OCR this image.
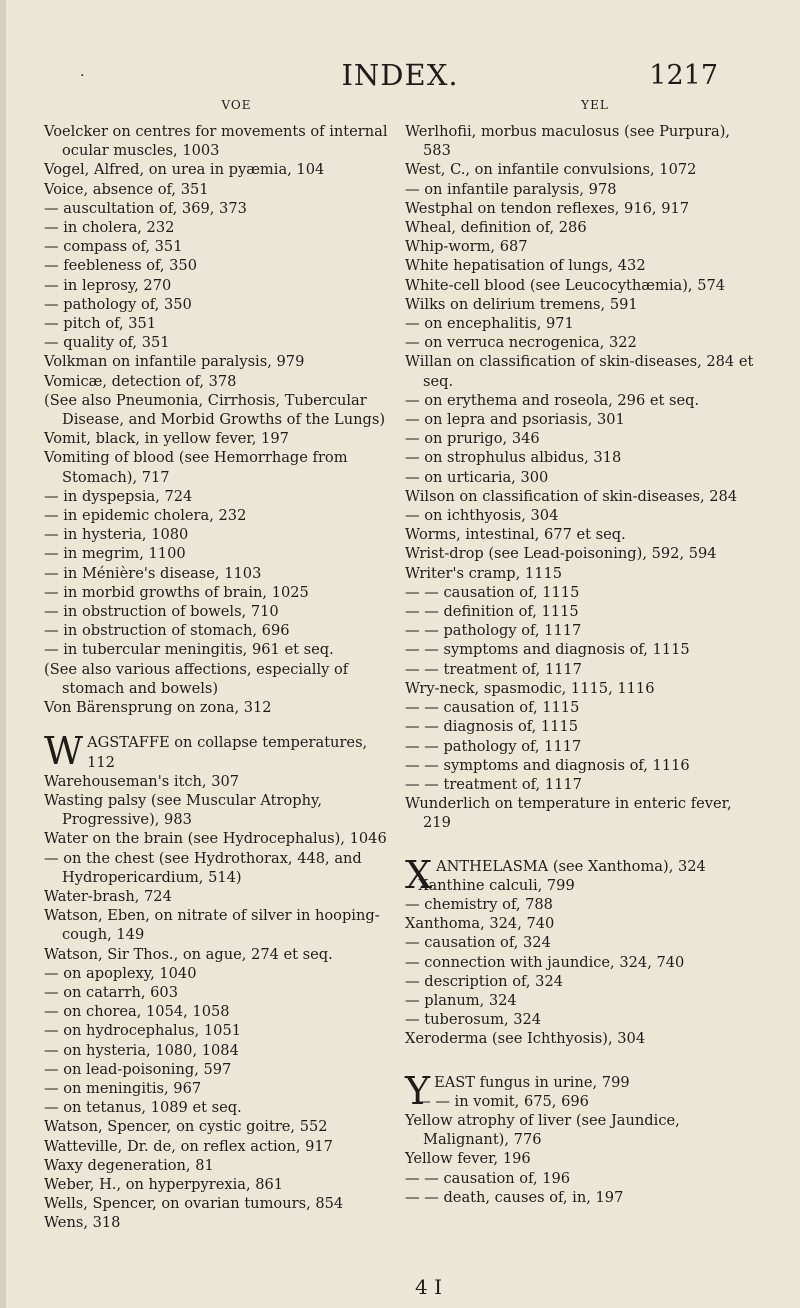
·	INDEX.	1217
VOE
Voelcker on centres for movements of internal ocular muscles, 1003
Vogel, Alfred, on urea in pyæmia, 104
Voice, absence of, 351
— auscultation of, 369, 373
— in cholera, 232
— compass of, 351
— feebleness of, 350
— in leprosy, 270
— pathology of, 350
— pitch of, 351
— quality of, 351
Volkman on infantile paralysis, 979
Vomicæ, detection of, 378
(See also Pneumonia, Cirrhosis, Tubercular Disease, and Morbid Growths of the Lungs)
Vomit, black, in yellow fever, 197
Vomiting of blood (see Hemorrhage from Stomach), 717
— in dyspepsia, 724
— in epidemic cholera, 232
— in hysteria, 1080
— in megrim, 1100
— in Ménière's disease, 1103
— in morbid growths of brain, 1025
— in obstruction of bowels, 710
— in obstruction of stomach, 696
— in tubercular meningitis, 961 et seq.
(See also various affections, especially of stomach and bowels)
Von Bärensprung on zona, 312
WAGSTAFFE on collapse temperatures, 112
Warehouseman's itch, 307
Wasting palsy (see Muscular Atrophy, Progressive), 983
Water on the brain (see Hydrocephalus), 1046
— on the chest (see Hydrothorax, 448, and Hydropericardium, 514)
Water-brash, 724
Watson, Eben, on nitrate of silver in hooping-cough, 149
Watson, Sir Thos., on ague, 274 et seq.
— on apoplexy, 1040
— on catarrh, 603
— on chorea, 1054, 1058
— on hydrocephalus, 1051
— on hysteria, 1080, 1084
— on lead-poisoning, 597
— on meningitis, 967
— on tetanus, 1089 et seq.
Watson, Spencer, on cystic goitre, 552
Watteville, Dr. de, on reflex action, 917
Waxy degeneration, 81
Weber, H., on hyperpyrexia, 861
Wells, Spencer, on ovarian tumours, 854
Wens, 318
YEL
Werlhofii, morbus maculosus (see Purpura), 583
West, C., on infantile convulsions, 1072
— on infantile paralysis, 978
Westphal on tendon reflexes, 916, 917
Wheal, definition of, 286
Whip-worm, 687
White hepatisation of lungs, 432
White-cell blood (see Leucocythæmia), 574
Wilks on delirium tremens, 591
— on encephalitis, 971
— on verruca necrogenica, 322
Willan on classification of skin-diseases, 284 et seq.
— on erythema and roseola, 296 et seq.
— on lepra and psoriasis, 301
— on prurigo, 346
— on strophulus albidus, 318
— on urticaria, 300
Wilson on classification of skin-diseases, 284
— on ichthyosis, 304
Worms, intestinal, 677 et seq.
Wrist-drop (see Lead-poisoning), 592, 594
Writer's cramp, 1115
— — causation of, 1115
— — definition of, 1115
— — pathology of, 1117
— — symptoms and diagnosis of, 1115
— — treatment of, 1117
Wry-neck, spasmodic, 1115, 1116
— — causation of, 1115
— — diagnosis of, 1115
— — pathology of, 1117
— — symptoms and diagnosis of, 1116
— — treatment of, 1117
Wunderlich on temperature in enteric fever, 219
XANTHELASMA (see Xanthoma), 324
Xanthine calculi, 799
— chemistry of, 788
Xanthoma, 324, 740
— causation of, 324
— connection with jaundice, 324, 740
— description of, 324
— planum, 324
— tuberosum, 324
Xeroderma (see Ichthyosis), 304
YEAST fungus in urine, 799
— — in vomit, 675, 696
Yellow atrophy of liver (see Jaundice, Malignant), 776
Yellow fever, 196
— — causation of, 196
— — death, causes of, in, 197
4 I
